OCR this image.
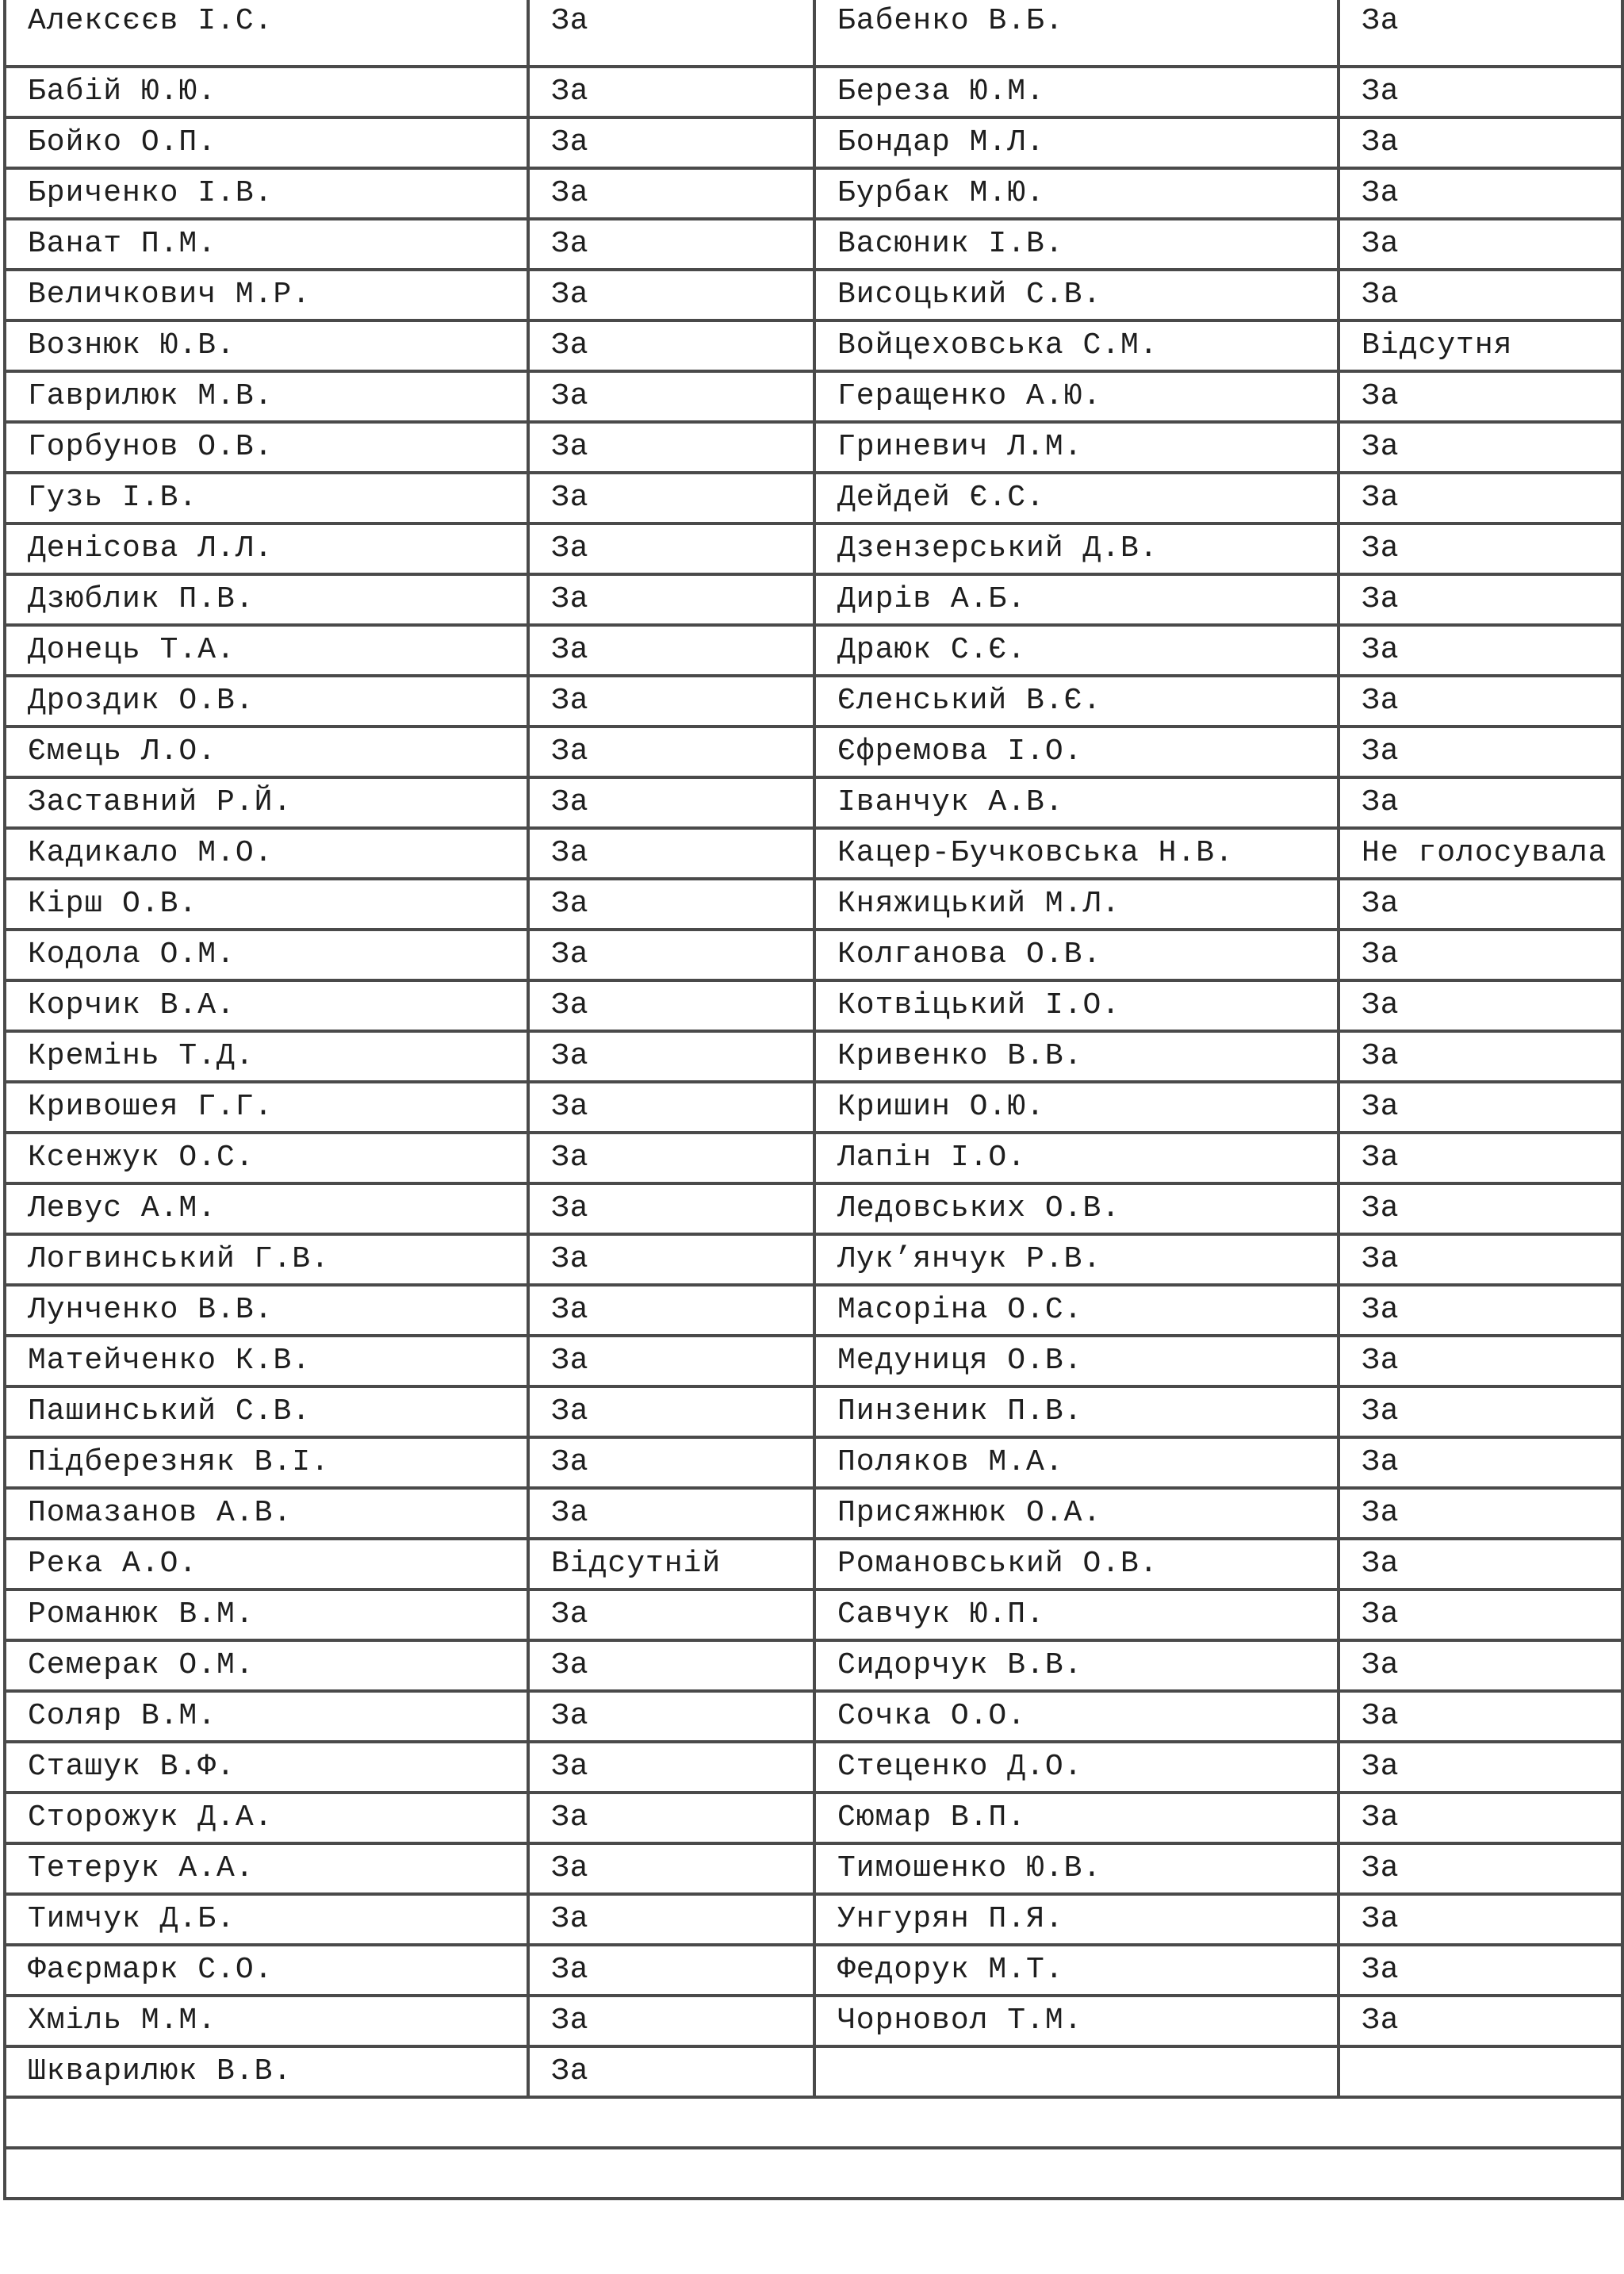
Алексєєв І.С.	За	Бабенко В.Б.	За
Бабій Ю.Ю.	За	Береза Ю.М.	За
Бойко О.П.	За	Бондар М.Л.	За
Бриченко І.В.	За	Бурбак М.Ю.	За
Ванат П.М.	За	Васюник І.В.	За
Величкович М.Р.	За	Висоцький С.В.	За
Вознюк Ю.В.	За	Войцеховська С.М.	Відсутня
Гаврилюк М.В.	За	Геращенко А.Ю.	За
Горбунов О.В.	За	Гриневич Л.М.	За
Гузь І.В.	За	Дейдей Є.С.	За
Денісова Л.Л.	За	Дзензерський Д.В.	За
Дзюблик П.В.	За	Дирів А.Б.	За
Донець Т.А.	За	Драюк С.Є.	За
Дроздик О.В.	За	Єленський В.Є.	За
Ємець Л.О.	За	Єфремова І.О.	За
Заставний Р.Й.	За	Іванчук А.В.	За
Кадикало М.О.	За	Кацер-Бучковська Н.В.	Не голосувала
Кірш О.В.	За	Княжицький М.Л.	За
Кодола О.М.	За	Колганова О.В.	За
Корчик В.А.	За	Котвіцький І.О.	За
Кремінь Т.Д.	За	Кривенко В.В.	За
Кривошея Г.Г.	За	Кришин О.Ю.	За
Ксенжук О.С.	За	Лапін І.О.	За
Левус А.М.	За	Ледовських О.В.	За
Логвинський Г.В.	За	Лук’янчук Р.В.	За
Лунченко В.В.	За	Масоріна О.С.	За
Матейченко К.В.	За	Медуниця О.В.	За
Пашинський С.В.	За	Пинзеник П.В.	За
Підберезняк В.І.	За	Поляков М.А.	За
Помазанов А.В.	За	Присяжнюк О.А.	За
Река А.О.	Відсутній	Романовський О.В.	За
Романюк В.М.	За	Савчук Ю.П.	За
Семерак О.М.	За	Сидорчук В.В.	За
Соляр В.М.	За	Сочка О.О.	За
Сташук В.Ф.	За	Стеценко Д.О.	За
Сторожук Д.А.	За	Сюмар В.П.	За
Тетерук А.А.	За	Тимошенко Ю.В.	За
Тимчук Д.Б.	За	Унгурян П.Я.	За
Фаєрмарк С.О.	За	Федорук М.Т.	За
Хміль М.М.	За	Чорновол Т.М.	За
Шкварилюк В.В.	За		
